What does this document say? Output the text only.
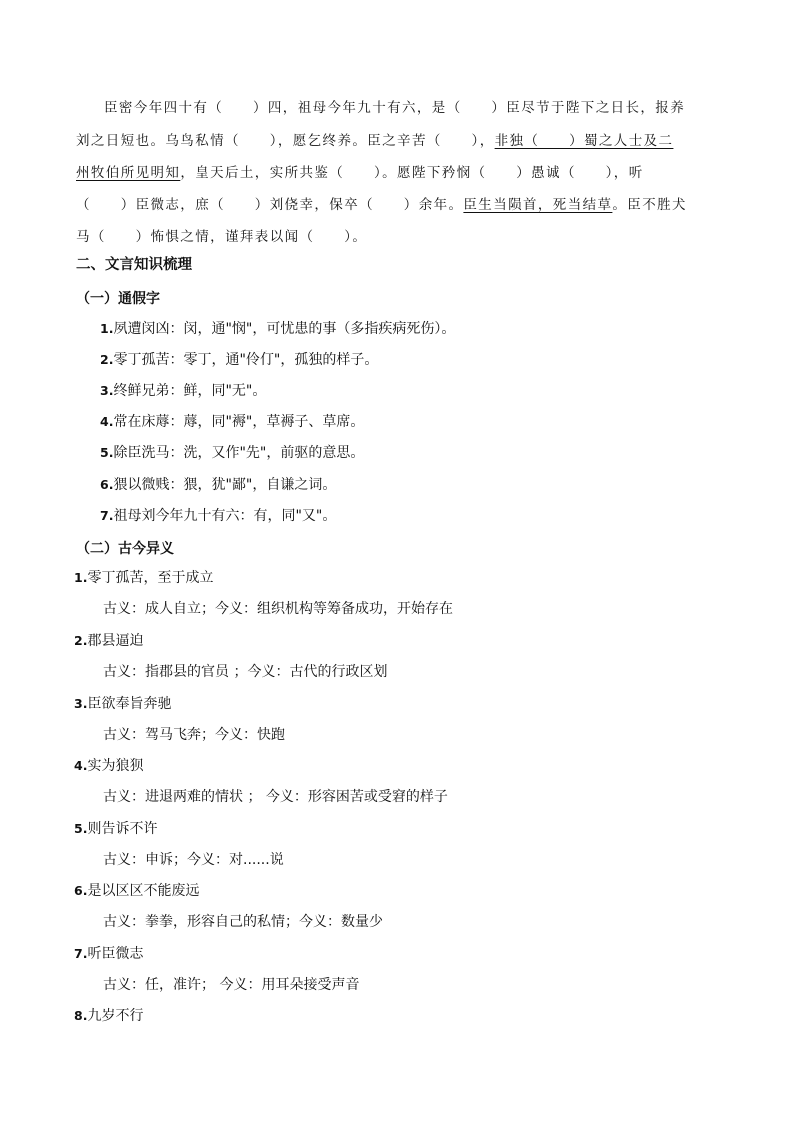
臣密今年四十有（　　）四，祖母今年九十有六，是（　　）臣尽节于陛下之日长，报养
刘之日短也。乌鸟私情（　　），愿乞终养。臣之辛苦（　　），非独（　　）蜀之人士及二
州牧伯所见明知，皇天后土，实所共鉴（　　）。愿陛下矜悯（　　）愚诚（　　），听
（　　）臣微志，庶（　　）刘侥幸，保卒（　　）余年。臣生当陨首，死当结草。臣不胜犬
马（　　）怖惧之情，谨拜表以闻（　　）。
二、文言知识梳理
（一）通假字
1.夙遭闵凶：闵，通"悯"，可忧患的事（多指疾病死伤）。
2.零丁孤苦：零丁，通"伶仃"，孤独的样子。
3.终鲜兄弟：鲜，同"无"。
4.常在床蓐：蓐，同"褥"，草褥子、草席。
5.除臣洗马：洗，又作"先"，前驱的意思。
6.猥以微贱：猥，犹"鄙"，自谦之词。
7.祖母刘今年九十有六：有，同"又"。
（二）古今异义
1.零丁孤苦，至于成立
古义：成人自立；今义：组织机构等筹备成功，开始存在
2.郡县逼迫
古义：指郡县的官员 ；今义：古代的行政区划
3.臣欲奉旨奔驰
古义：驾马飞奔；今义：快跑
4.实为狼狈
古义：进退两难的情状 ； 今义：形容困苦或受窘的样子
5.则告诉不许
古义：申诉；今义：对......说
6.是以区区不能废远
古义：拳拳，形容自己的私情；今义：数量少
7.听臣微志
古义：任，准许； 今义：用耳朵接受声音
8.九岁不行
